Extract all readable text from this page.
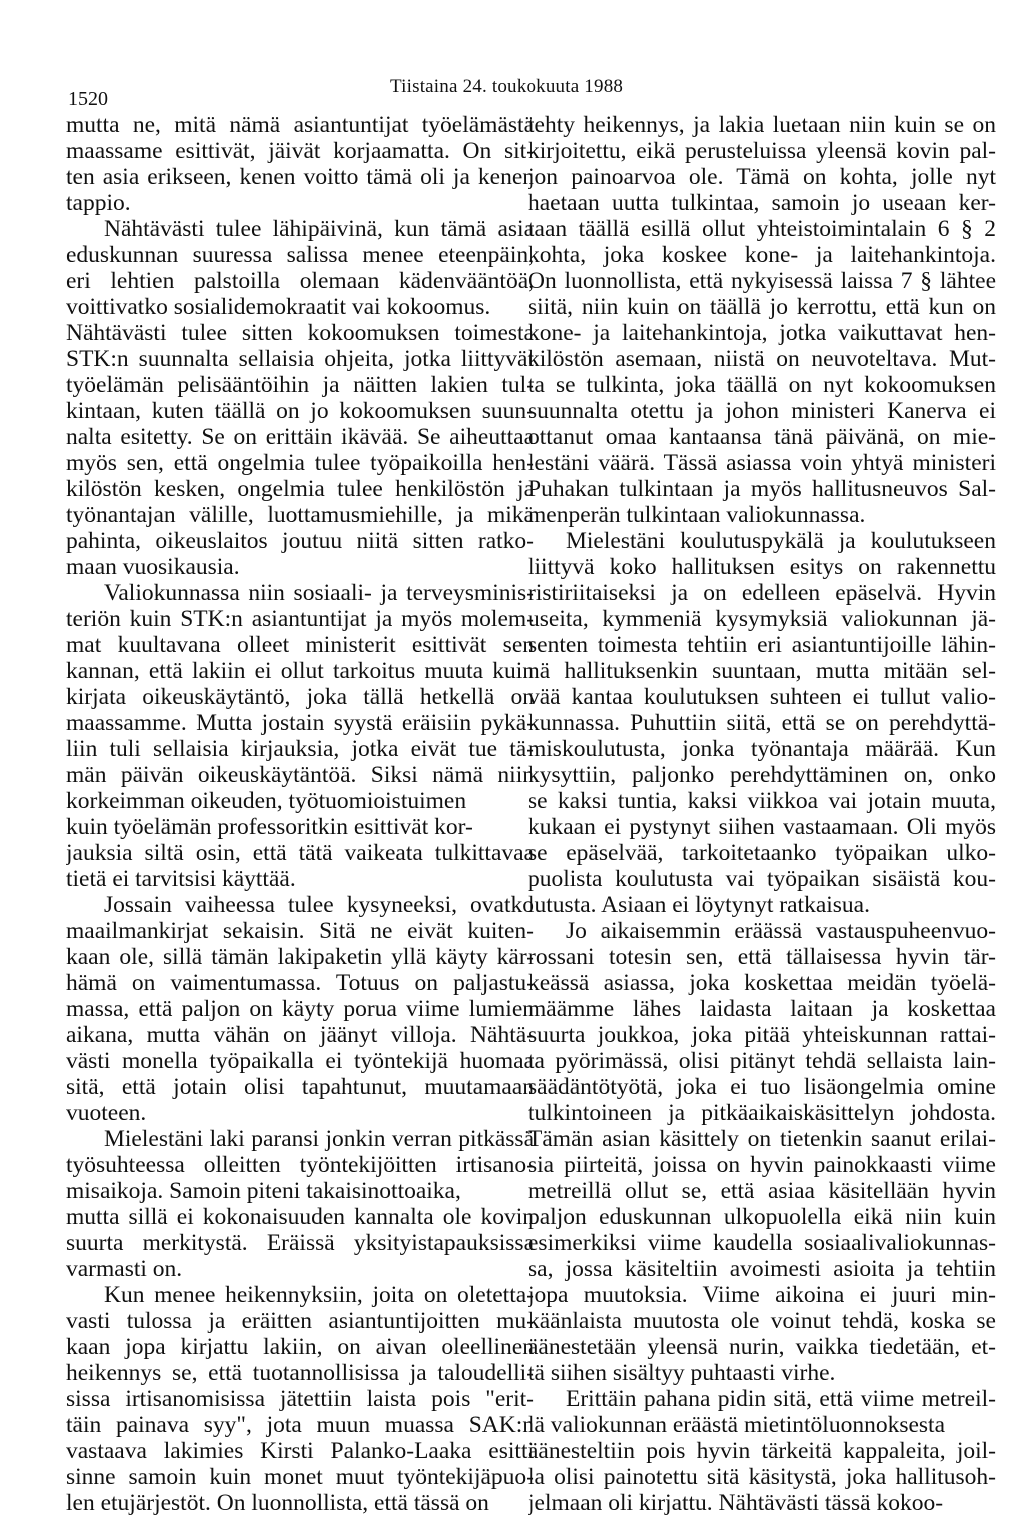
1520
Tiistaina 24. toukokuuta 1988
mutta ne, mitä nämä asiantuntijat työelämästä
maassame esittivät, jäivät korjaamatta. On sit-
ten asia erikseen, kenen voitto tämä oli ja kenen
tappio.
Nähtävästi tulee lähipäivinä, kun tämä asia
eduskunnan suuressa salissa menee eteenpäin,
eri lehtien palstoilla olemaan kädenvääntöä,
voittivatko sosialidemokraatit vai kokoomus.
Nähtävästi tulee sitten kokoomuksen toimesta
STK:n suunnalta sellaisia ohjeita, jotka liittyvät
työelämän pelisääntöihin ja näitten lakien tul-
kintaan, kuten täällä on jo kokoomuksen suun-
nalta esitetty. Se on erittäin ikävää. Se aiheuttaa
myös sen, että ongelmia tulee työpaikoilla hen-
kilöstön kesken, ongelmia tulee henkilöstön ja
työnantajan välille, luottamusmiehille, ja mikä
pahinta, oikeuslaitos joutuu niitä sitten ratko-
maan vuosikausia.
Valiokunnassa niin sosiaali- ja terveysminis-
teriön kuin STK:n asiantuntijat ja myös molem-
mat kuultavana olleet ministerit esittivät sen
kannan, että lakiin ei ollut tarkoitus muuta kuin
kirjata oikeuskäytäntö, joka tällä hetkellä on
maassamme. Mutta jostain syystä eräisiin pykä-
liin tuli sellaisia kirjauksia, jotka eivät tue tä-
män päivän oikeuskäytäntöä. Siksi nämä niin
korkeimman oikeuden, työtuomioistuimen
kuin työelämän professoritkin esittivät kor-
jauksia siltä osin, että tätä vaikeata tulkittavaa
tietä ei tarvitsisi käyttää.
Jossain vaiheessa tulee kysyneeksi, ovatko
maailmankirjat sekaisin. Sitä ne eivät kuiten-
kaan ole, sillä tämän lakipaketin yllä käyty kär-
hämä on vaimentumassa. Totuus on paljastu-
massa, että paljon on käyty porua viime lumien
aikana, mutta vähän on jäänyt villoja. Nähtä-
västi monella työpaikalla ei työntekijä huomaa
sitä, että jotain olisi tapahtunut, muutamaan
vuoteen.
Mielestäni laki paransi jonkin verran pitkässä
työsuhteessa olleitten työntekijöitten irtisano-
misaikoja. Samoin piteni takaisinottoaika,
mutta sillä ei kokonaisuuden kannalta ole kovin
suurta merkitystä. Eräissä yksityistapauksissa
varmasti on.
Kun menee heikennyksiin, joita on oletetta-
vasti tulossa ja eräitten asiantuntijoitten mu-
kaan jopa kirjattu lakiin, on aivan oleellinen
heikennys se, että tuotannollisissa ja taloudelli-
sissa irtisanomisissa jätettiin laista pois "erit-
täin painava syy", jota muun muassa SAK:n
vastaava lakimies Kirsti Palanko-Laaka esitti
sinne samoin kuin monet muut työntekijäpuo-
len etujärjestöt. On luonnollista, että tässä on
tehty heikennys, ja lakia luetaan niin kuin se on
kirjoitettu, eikä perusteluissa yleensä kovin pal-
jon painoarvoa ole. Tämä on kohta, jolle nyt
haetaan uutta tulkintaa, samoin jo useaan ker-
taan täällä esillä ollut yhteistoimintalain 6 § 2
kohta, joka koskee kone- ja laitehankintoja.
On luonnollista, että nykyisessä laissa 7 § lähtee
siitä, niin kuin on täällä jo kerrottu, että kun on
kone- ja laitehankintoja, jotka vaikuttavat hen-
kilöstön asemaan, niistä on neuvoteltava. Mut-
ta se tulkinta, joka täällä on nyt kokoomuksen
suunnalta otettu ja johon ministeri Kanerva ei
ottanut omaa kantaansa tänä päivänä, on mie-
lestäni väärä. Tässä asiassa voin yhtyä ministeri
Puhakan tulkintaan ja myös hallitusneuvos Sal-
menperän tulkintaan valiokunnassa.
Mielestäni koulutuspykälä ja koulutukseen
liittyvä koko hallituksen esitys on rakennettu
ristiriitaiseksi ja on edelleen epäselvä. Hyvin
useita, kymmeniä kysymyksiä valiokunnan jä-
senten toimesta tehtiin eri asiantuntijoille lähin-
nä hallituksenkin suuntaan, mutta mitään sel-
vää kantaa koulutuksen suhteen ei tullut valio-
kunnassa. Puhuttiin siitä, että se on perehdyttä-
miskoulutusta, jonka työnantaja määrää. Kun
kysyttiin, paljonko perehdyttäminen on, onko
se kaksi tuntia, kaksi viikkoa vai jotain muuta,
kukaan ei pystynyt siihen vastaamaan. Oli myös
se epäselvää, tarkoitetaanko työpaikan ulko-
puolista koulutusta vai työpaikan sisäistä kou-
lutusta. Asiaan ei löytynyt ratkaisua.
Jo aikaisemmin eräässä vastauspuheenvuo-
rossani totesin sen, että tällaisessa hyvin tär-
keässä asiassa, joka koskettaa meidän työelä-
määmme lähes laidasta laitaan ja koskettaa
suurta joukkoa, joka pitää yhteiskunnan rattai-
ta pyörimässä, olisi pitänyt tehdä sellaista lain-
säädäntötyötä, joka ei tuo lisäongelmia omine
tulkintoineen ja pitkäaikaiskäsittelyn johdosta.
Tämän asian käsittely on tietenkin saanut erilai-
sia piirteitä, joissa on hyvin painokkaasti viime
metreillä ollut se, että asiaa käsitellään hyvin
paljon eduskunnan ulkopuolella eikä niin kuin
esimerkiksi viime kaudella sosiaalivaliokunnas-
sa, jossa käsiteltiin avoimesti asioita ja tehtiin
jopa muutoksia. Viime aikoina ei juuri min-
käänlaista muutosta ole voinut tehdä, koska se
äänestetään yleensä nurin, vaikka tiedetään, et-
tä siihen sisältyy puhtaasti virhe.
Erittäin pahana pidin sitä, että viime metreil-
lä valiokunnan eräästä mietintöluonnoksesta
äänesteltiin pois hyvin tärkeitä kappaleita, joil-
la olisi painotettu sitä käsitystä, joka hallitusoh-
jelmaan oli kirjattu. Nähtävästi tässä kokoo-
